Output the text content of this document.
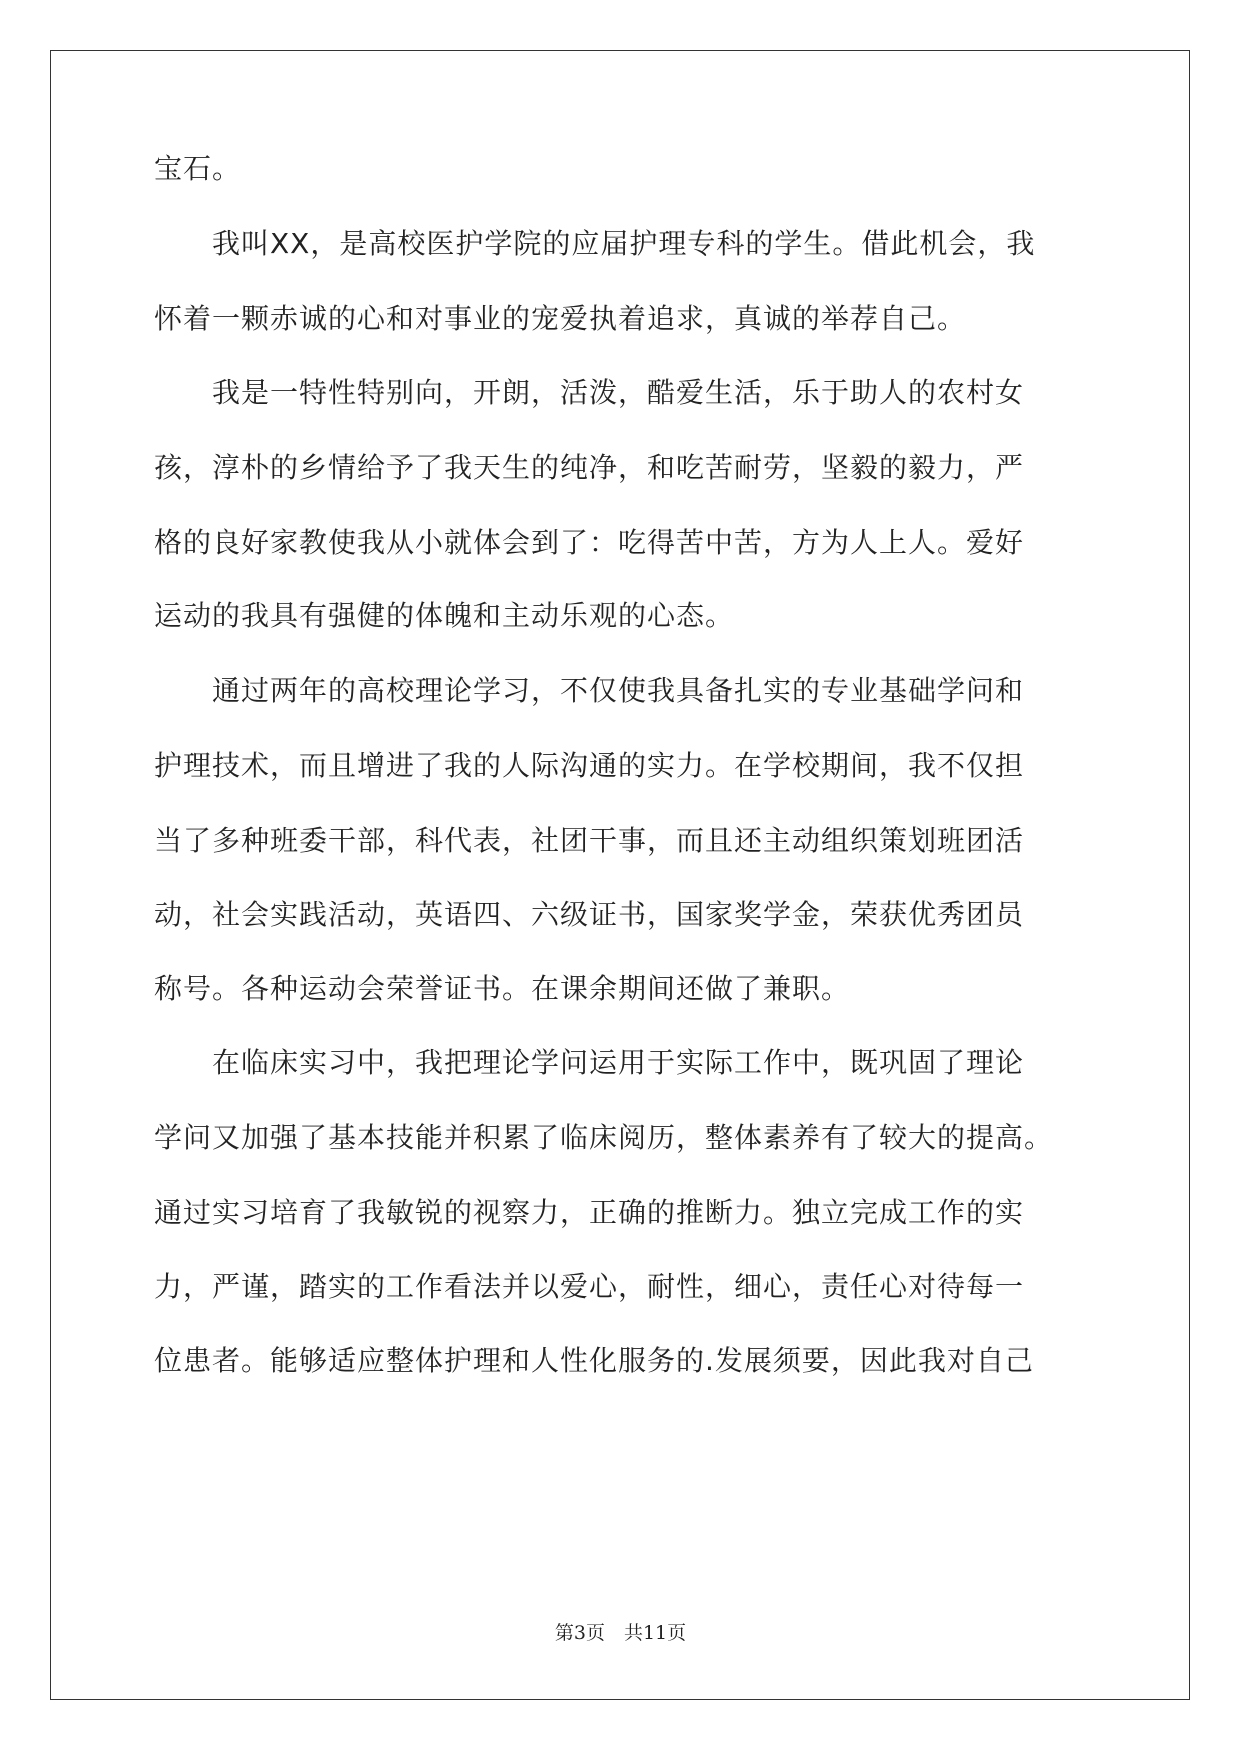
宝石。
　　我叫XX，是高校医护学院的应届护理专科的学生。借此机会，我
怀着一颗赤诚的心和对事业的宠爱执着追求，真诚的举荐自己。
　　我是一特性特别向，开朗，活泼，酷爱生活，乐于助人的农村女
孩，淳朴的乡情给予了我天生的纯净，和吃苦耐劳，坚毅的毅力，严
格的良好家教使我从小就体会到了：吃得苦中苦，方为人上人。爱好
运动的我具有强健的体魄和主动乐观的心态。
　　通过两年的高校理论学习，不仅使我具备扎实的专业基础学问和
护理技术，而且增进了我的人际沟通的实力。在学校期间，我不仅担
当了多种班委干部，科代表，社团干事，而且还主动组织策划班团活
动，社会实践活动，英语四、六级证书，国家奖学金，荣获优秀团员
称号。各种运动会荣誉证书。在课余期间还做了兼职。
　　在临床实习中，我把理论学问运用于实际工作中，既巩固了理论
学问又加强了基本技能并积累了临床阅历，整体素养有了较大的提高。
通过实习培育了我敏锐的视察力，正确的推断力。独立完成工作的实
力，严谨，踏实的工作看法并以爱心，耐性，细心，责任心对待每一
位患者。能够适应整体护理和人性化服务的.发展须要，因此我对自己
第3页　共11页
